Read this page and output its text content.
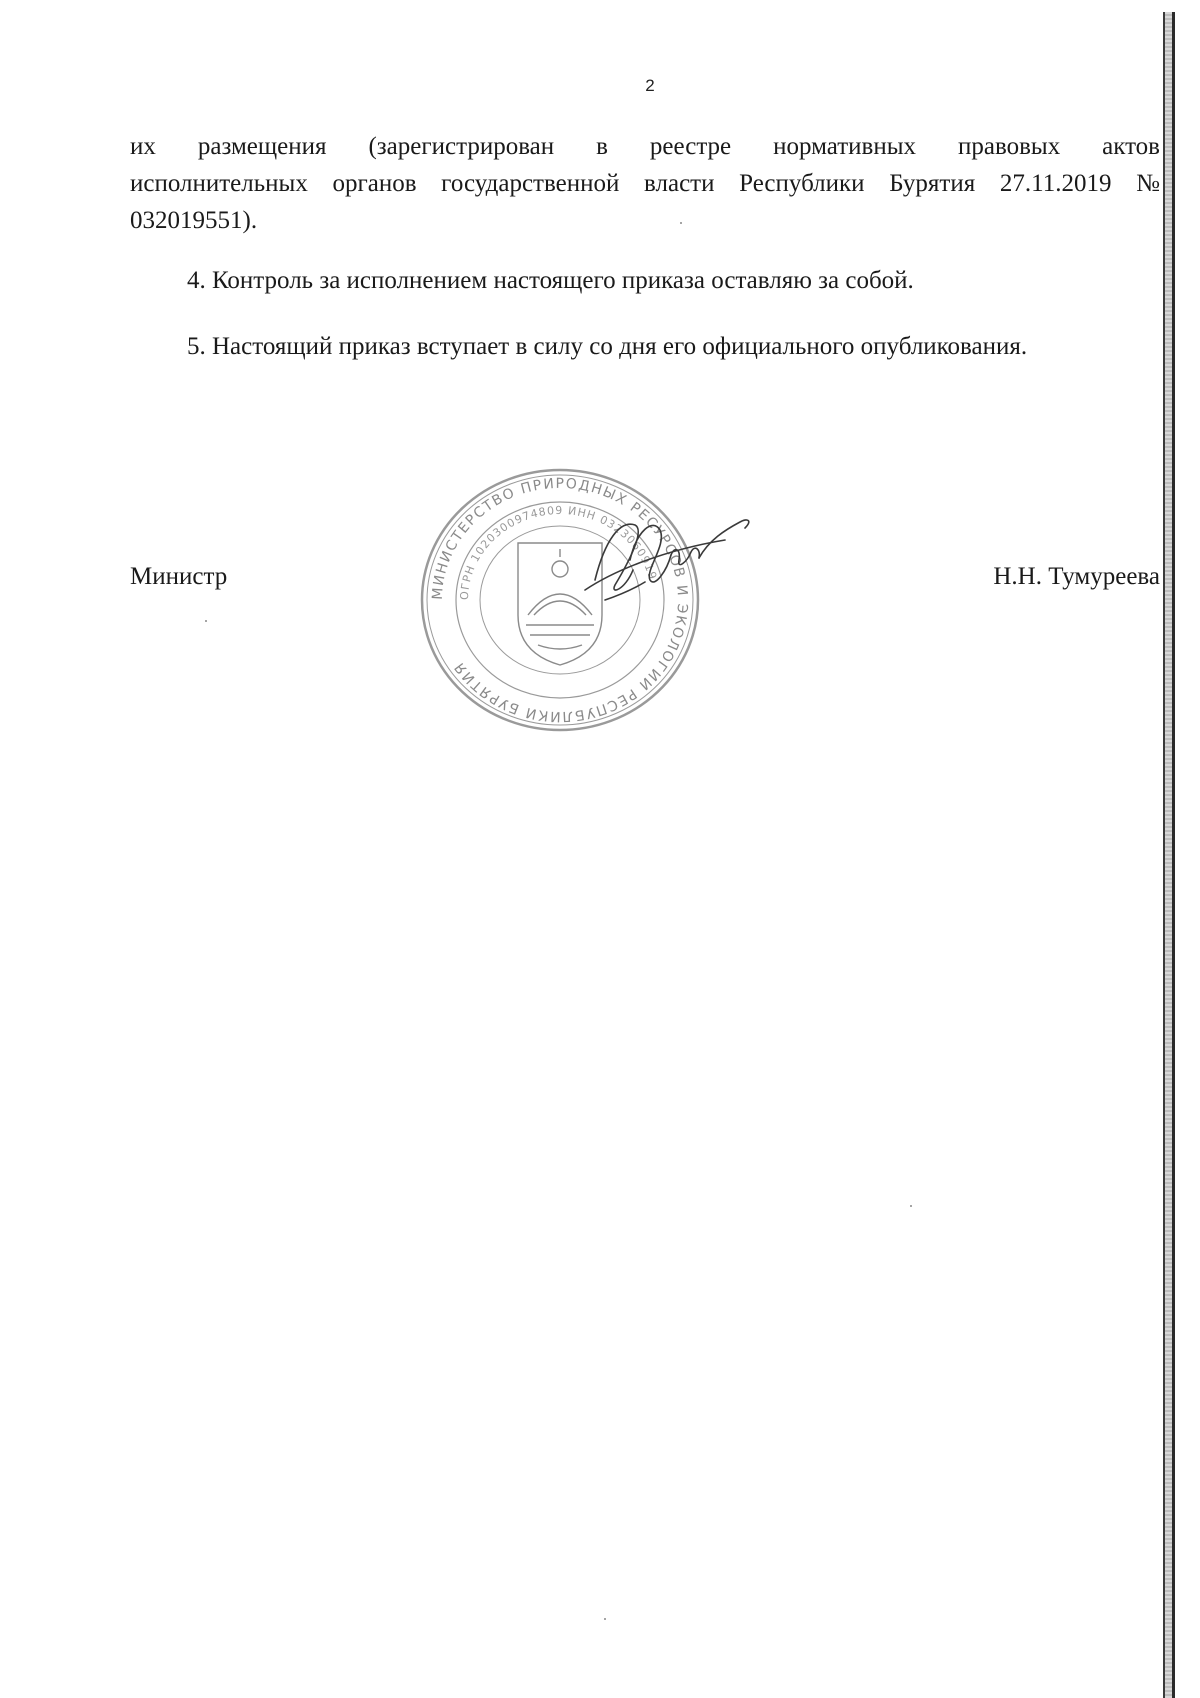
2

их размещения (зарегистрирован в реестре нормативных правовых актов
исполнительных органов государственной власти Республики Бурятия 27.11.2019 №
032019551).

4. Контроль за исполнением настоящего приказа оставляю за собой.

5. Настоящий приказ вступает в силу со дня его официального опубликования.

МИНИСТЕРСТВО ПРИРОДНЫХ РЕСУРСОВ И ЭКОЛОГИИ РЕСПУБЛИКИ БУРЯТИЯ
ОГРН 1020300974809 ИНН 0323060919
Министр	Н.Н. Тумуреева
